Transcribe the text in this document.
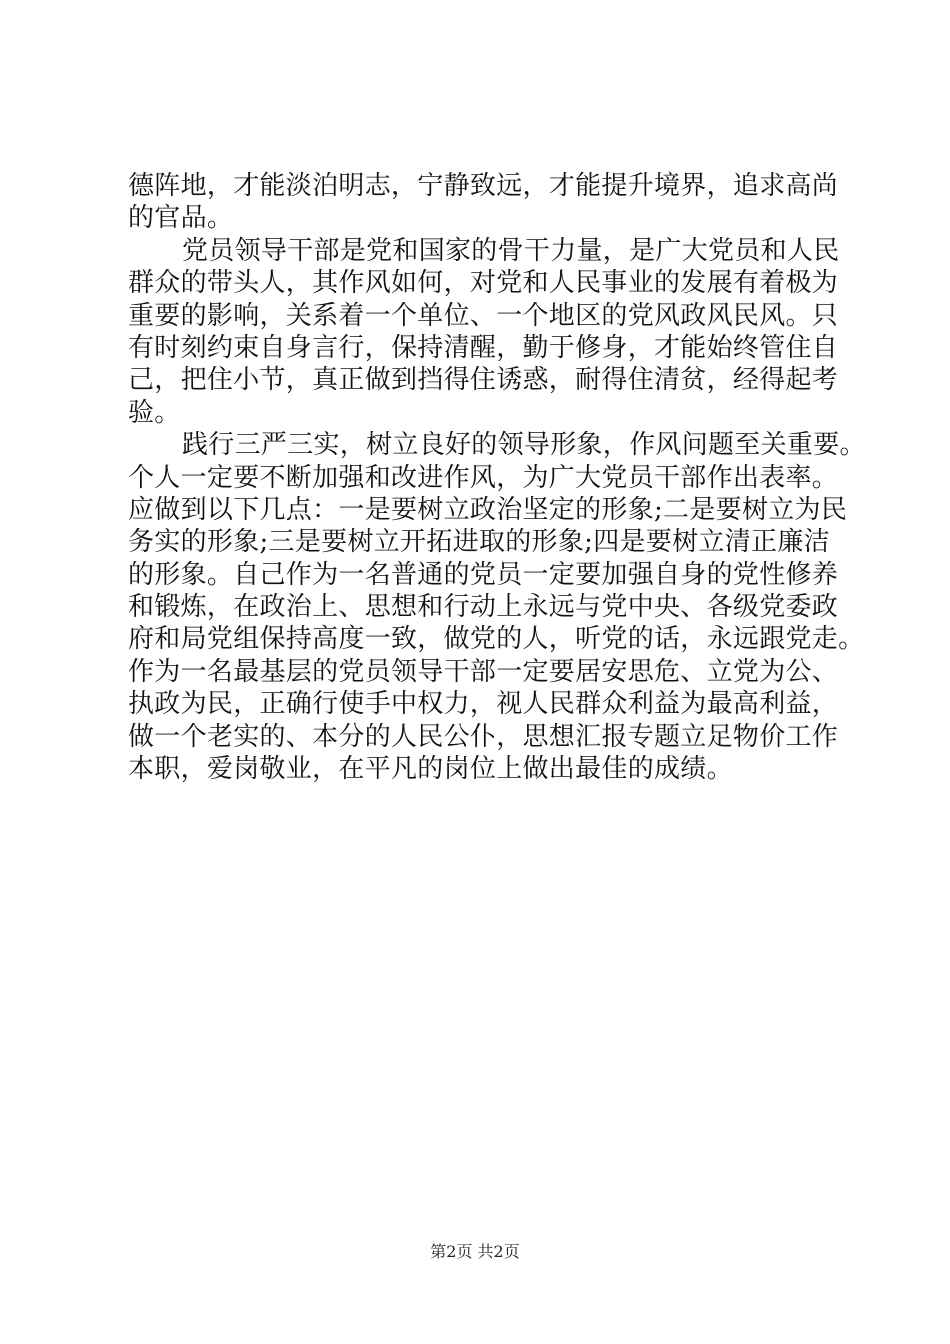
德阵地，才能淡泊明志，宁静致远，才能提升境界，追求高尚
的官品。
党员领导干部是党和国家的骨干力量，是广大党员和人民
群众的带头人，其作风如何，对党和人民事业的发展有着极为
重要的影响，关系着一个单位、一个地区的党风政风民风。只
有时刻约束自身言行，保持清醒，勤于修身，才能始终管住自
己，把住小节，真正做到挡得住诱惑，耐得住清贫，经得起考
验。
践行三严三实，树立良好的领导形象，作风问题至关重要。
个人一定要不断加强和改进作风，为广大党员干部作出表率。
应做到以下几点：一是要树立政治坚定的形象;二是要树立为民
务实的形象;三是要树立开拓进取的形象;四是要树立清正廉洁
的形象。自己作为一名普通的党员一定要加强自身的党性修养
和锻炼，在政治上、思想和行动上永远与党中央、各级党委政
府和局党组保持高度一致，做党的人，听党的话，永远跟党走。
作为一名最基层的党员领导干部一定要居安思危、立党为公、
执政为民，正确行使手中权力，视人民群众利益为最高利益，
做一个老实的、本分的人民公仆，思想汇报专题立足物价工作
本职，爱岗敬业，在平凡的岗位上做出最佳的成绩。
第2页 共2页
